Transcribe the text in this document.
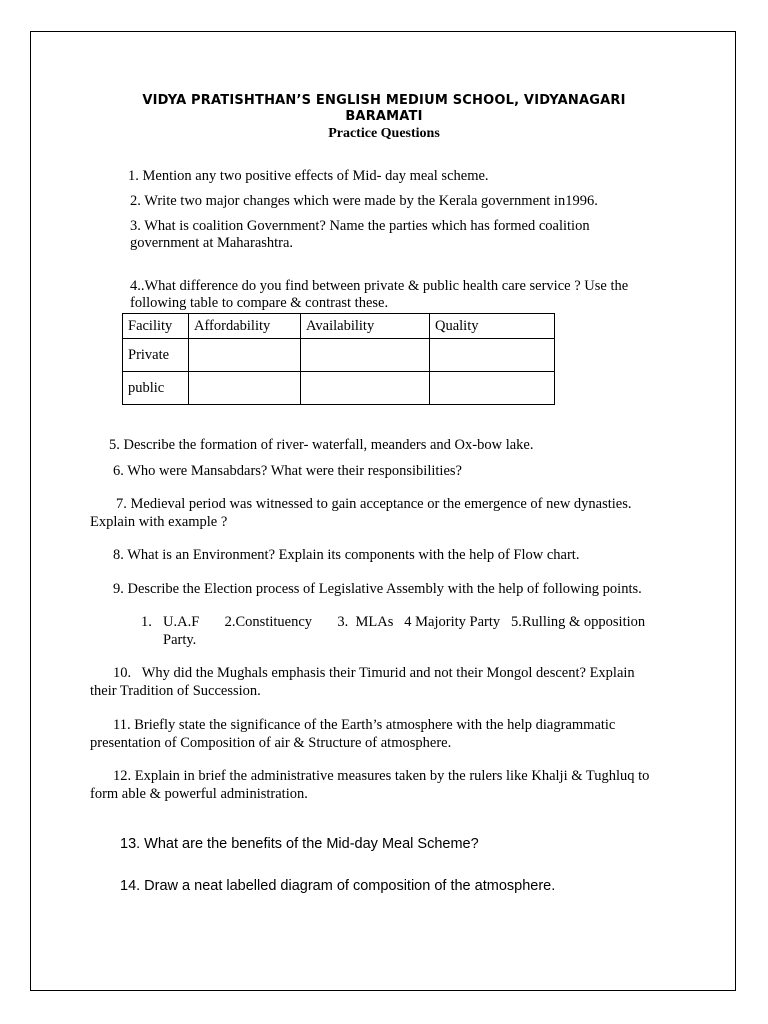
VIDYA PRATISHTHAN’S ENGLISH MEDIUM SCHOOL, VIDYANAGARI
BARAMATI
Practice Questions
1. Mention any two positive effects of Mid- day meal scheme.
2. Write two major changes which were made by the Kerala government in1996.
3. What is coalition Government? Name the parties which has formed coalition
government at Maharashtra.
4..What difference do you find between private & public health care service ? Use the
following table to compare & contrast these.
Facility	Affordability	Availability	Quality
Private			
public			
5. Describe the formation of river- waterfall, meanders and Ox-bow lake.
6. Who were Mansabdars? What were their responsibilities?
7. Medieval period was witnessed to gain acceptance or the emergence of new dynasties.
Explain with example ?
8. What is an Environment? Explain its components with the help of Flow chart.
9. Describe the Election process of Legislative Assembly with the help of following points.
1. U.A.F       2.Constituency       3.  MLAs   4 Majority Party   5.Rulling & opposition
Party.
10.   Why did the Mughals emphasis their Timurid and not their Mongol descent? Explain
their Tradition of Succession.
11. Briefly state the significance of the Earth’s atmosphere with the help diagrammatic
presentation of Composition of air & Structure of atmosphere.
12. Explain in brief the administrative measures taken by the rulers like Khalji & Tughluq to
form able & powerful administration.
13. What are the benefits of the Mid-day Meal Scheme?
14. Draw a neat labelled diagram of composition of the atmosphere.
